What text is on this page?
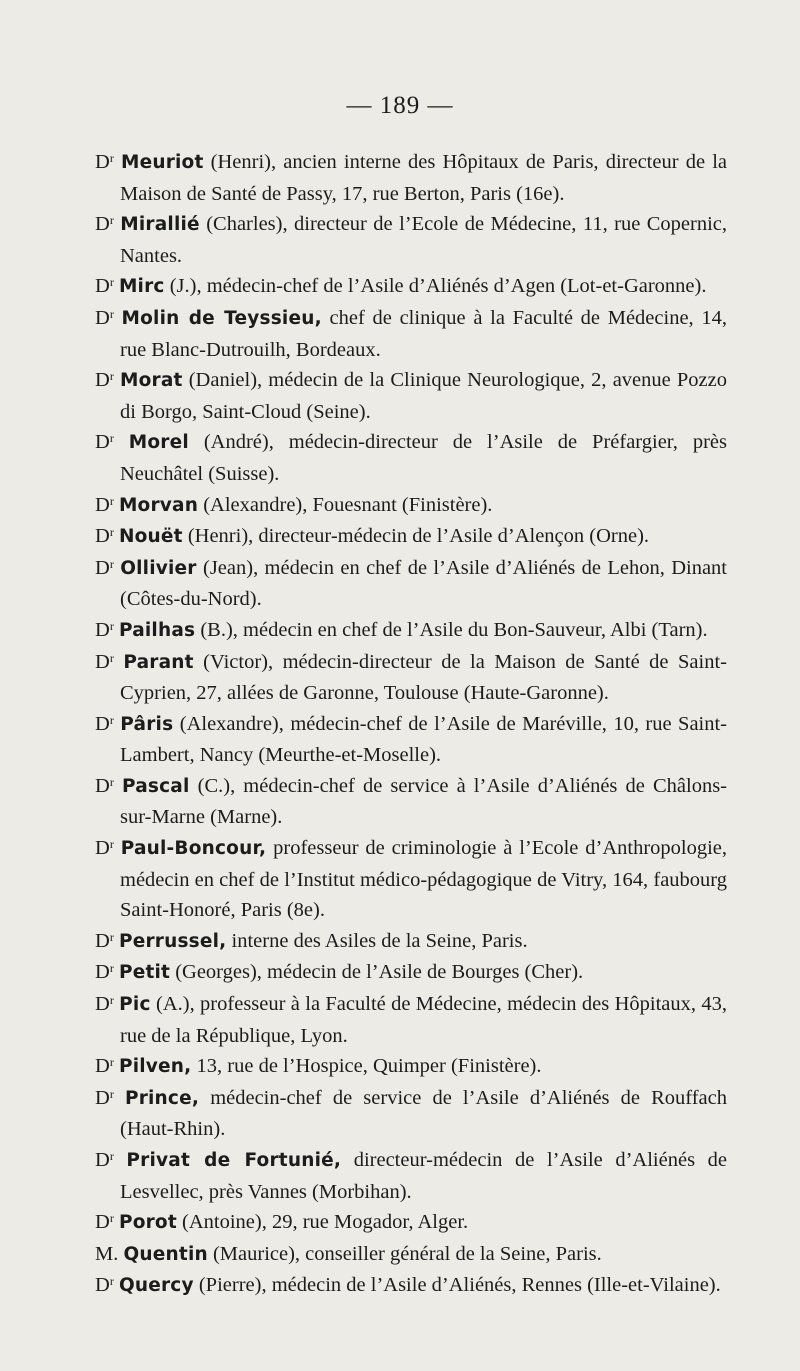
— 189 —
$D^r$ Meuriot (Henri), ancien interne des Hôpitaux de Paris, directeur de la Maison de Santé de Passy, 17, rue Berton, Paris (16e).
$D^r$ Mirallié (Charles), directeur de l’Ecole de Médecine, 11, rue Copernic, Nantes.
$D^r$ Mirc (J.), médecin-chef de l’Asile d’Aliénés d’Agen (Lot-et-Garonne).
$D^r$ Molin de Teyssieu, chef de clinique à la Faculté de Médecine, 14, rue Blanc-Dutrouilh, Bordeaux.
$D^r$ Morat (Daniel), médecin de la Clinique Neurologique, 2, avenue Pozzo di Borgo, Saint-Cloud (Seine).
$D^r$ Morel (André), médecin-directeur de l’Asile de Préfargier, près Neuchâtel (Suisse).
$D^r$ Morvan (Alexandre), Fouesnant (Finistère).
$D^r$ Nouët (Henri), directeur-médecin de l’Asile d’Alençon (Orne).
$D^r$ Ollivier (Jean), médecin en chef de l’Asile d’Aliénés de Lehon, Dinant (Côtes-du-Nord).
$D^r$ Pailhas (B.), médecin en chef de l’Asile du Bon-Sauveur, Albi (Tarn).
$D^r$ Parant (Victor), médecin-directeur de la Maison de Santé de Saint-Cyprien, 27, allées de Garonne, Toulouse (Haute-Garonne).
$D^r$ Pâris (Alexandre), médecin-chef de l’Asile de Maréville, 10, rue Saint-Lambert, Nancy (Meurthe-et-Moselle).
$D^r$ Pascal (C.), médecin-chef de service à l’Asile d’Aliénés de Châlons-sur-Marne (Marne).
$D^r$ Paul-Boncour, professeur de criminologie à l’Ecole d’Anthropologie, médecin en chef de l’Institut médico-pédagogique de Vitry, 164, faubourg Saint-Honoré, Paris (8e).
$D^r$ Perrussel, interne des Asiles de la Seine, Paris.
$D^r$ Petit (Georges), médecin de l’Asile de Bourges (Cher).
$D^r$ Pic (A.), professeur à la Faculté de Médecine, médecin des Hôpitaux, 43, rue de la République, Lyon.
$D^r$ Pilven, 13, rue de l’Hospice, Quimper (Finistère).
$D^r$ Prince, médecin-chef de service de l’Asile d’Aliénés de Rouffach (Haut-Rhin).
$D^r$ Privat de Fortunié, directeur-médecin de l’Asile d’Aliénés de Lesvellec, près Vannes (Morbihan).
$D^r$ Porot (Antoine), 29, rue Mogador, Alger.
M. Quentin (Maurice), conseiller général de la Seine, Paris.
$D^r$ Quercy (Pierre), médecin de l’Asile d’Aliénés, Rennes (Ille-et-Vilaine).
